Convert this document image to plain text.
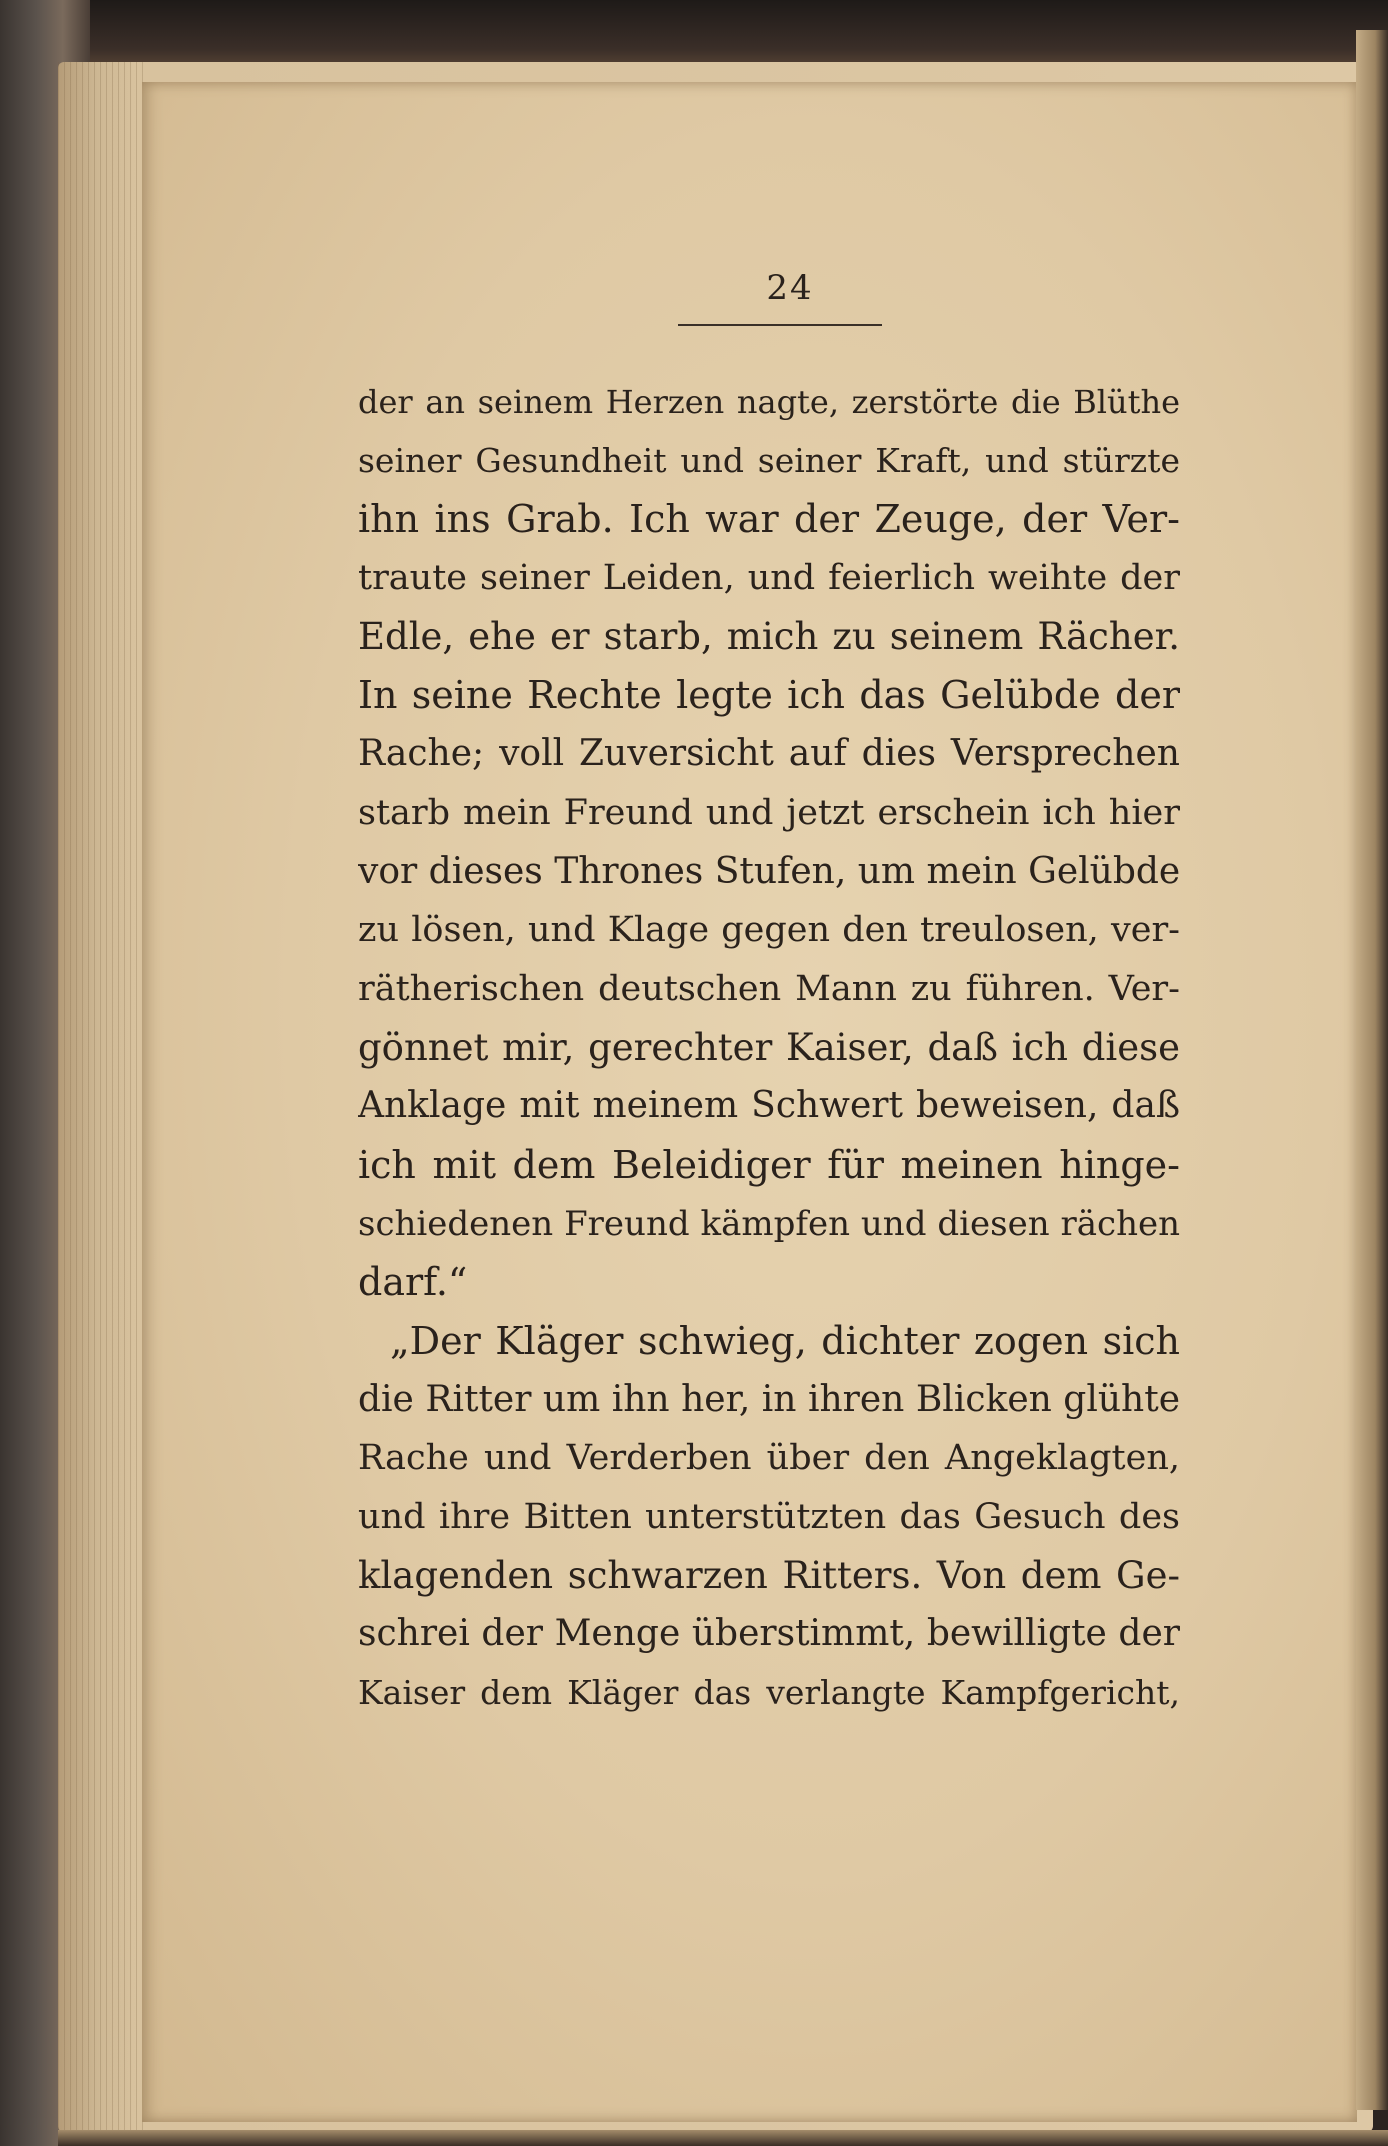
24
der an seinem Herzen nagte, zerstörte die Blüthe
seiner Gesundheit und seiner Kraft, und stürzte
ihn ins Grab. Ich war der Zeuge, der Ver-
traute seiner Leiden, und feierlich weihte der
Edle, ehe er starb, mich zu seinem Rächer.
In seine Rechte legte ich das Gelübde der
Rache; voll Zuversicht auf dies Versprechen
starb mein Freund und jetzt erschein ich hier
vor dieses Thrones Stufen, um mein Gelübde
zu lösen, und Klage gegen den treulosen, ver-
rätherischen deutschen Mann zu führen. Ver-
gönnet mir, gerechter Kaiser, daß ich diese
Anklage mit meinem Schwert beweisen, daß
ich mit dem Beleidiger für meinen hinge-
schiedenen Freund kämpfen und diesen rächen
darf.“
„Der Kläger schwieg, dichter zogen sich
die Ritter um ihn her, in ihren Blicken glühte
Rache und Verderben über den Angeklagten,
und ihre Bitten unterstützten das Gesuch des
klagenden schwarzen Ritters. Von dem Ge-
schrei der Menge überstimmt, bewilligte der
Kaiser dem Kläger das verlangte Kampfgericht,
